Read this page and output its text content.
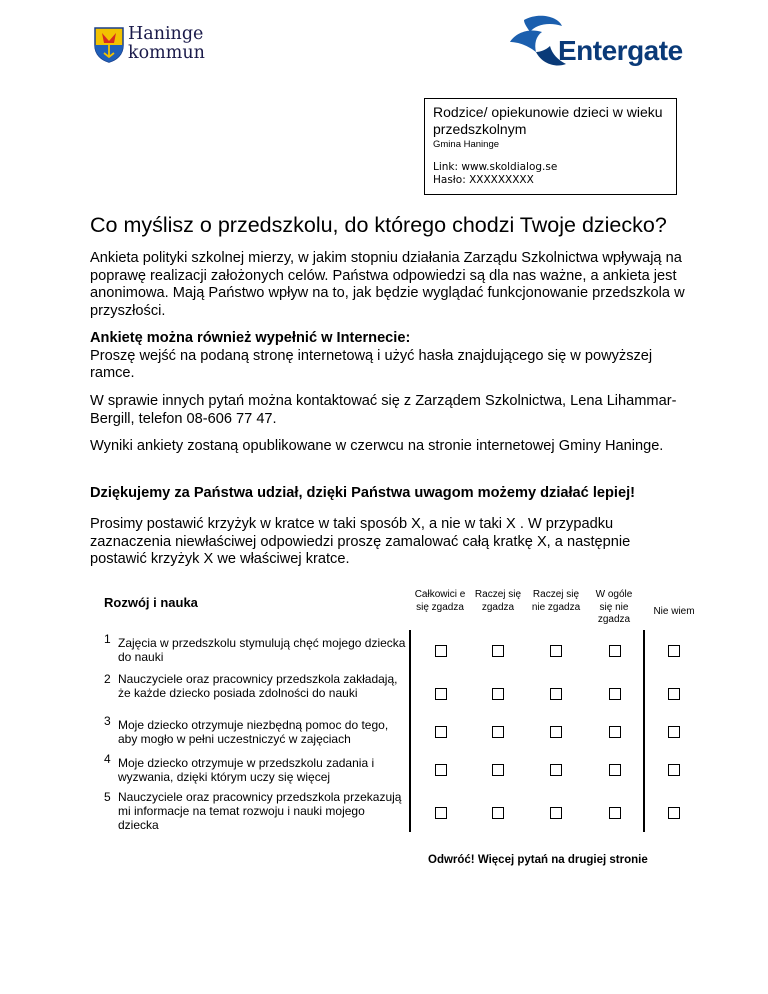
Haninge
kommun	Entergate
Rodzice/ opiekunowie dzieci w wieku przedszkolnym
Gmina Haninge
Link: www.skoldialog.se
Hasło: XXXXXXXXX
Co myślisz o przedszkolu, do którego chodzi Twoje dziecko?

Ankieta polityki szkolnej mierzy, w jakim stopniu działania Zarządu Szkolnictwa wpływają na poprawę realizacji założonych celów. Państwa odpowiedzi są dla nas ważne, a ankieta jest anonimowa. Mają Państwo wpływ na to, jak będzie wyglądać funkcjonowanie przedszkola w przyszłości.

Ankietę można również wypełnić w Internecie:
Proszę wejść na podaną stronę internetową i użyć hasła znajdującego się w powyższej ramce.

W sprawie innych pytań można kontaktować się z Zarządem Szkolnictwa, Lena Lihammar-Bergill, telefon 08-606 77 47.

Wyniki ankiety zostaną opublikowane w czerwcu na stronie internetowej Gminy Haninge.

Dziękujemy za Państwa udział, dzięki Państwa uwagom możemy działać lepiej!

Prosimy postawić krzyżyk w kratce w taki sposób X, a nie w taki X . W przypadku zaznaczenia niewłaściwej odpowiedzi proszę zamalować całą kratkę X, a następnie postawić krzyżyk X we właściwej kratce.

Rozwój i nauka
Całkowici e się zgadza
Raczej się zgadza
Raczej się nie zgadza
W ogóle się nie zgadza
Nie wiem
1 Zajęcia w przedszkolu stymulują chęć mojego dziecka do nauki
2 Nauczyciele oraz pracownicy przedszkola zakładają, że każde dziecko posiada zdolności do nauki
3 Moje dziecko otrzymuje niezbędną pomoc do tego, aby mogło w pełni uczestniczyć w zajęciach
4 Moje dziecko otrzymuje w przedszkolu zadania i wyzwania, dzięki którym uczy się więcej
5 Nauczyciele oraz pracownicy przedszkola przekazują mi informacje na temat rozwoju i nauki mojego dziecka
Odwróć! Więcej pytań na drugiej stronie
